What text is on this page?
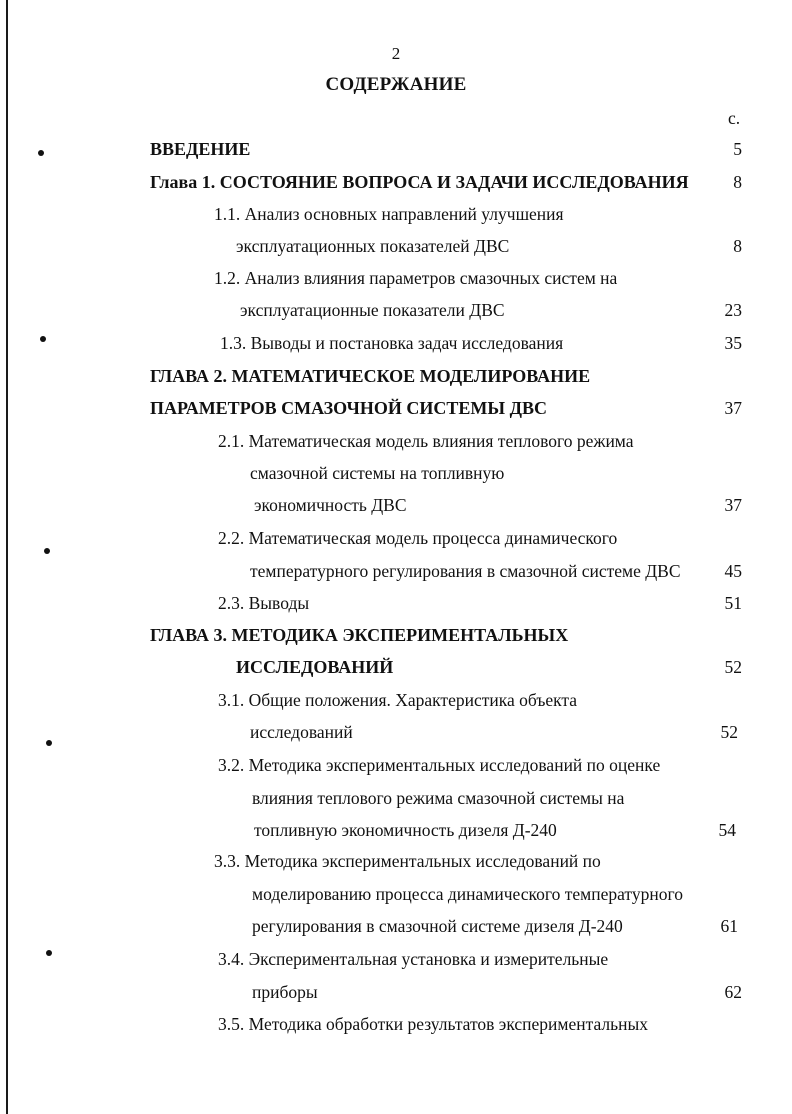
2
СОДЕРЖАНИЕ
с.
ВВЕДЕНИЕ	5
Глава 1. СОСТОЯНИЕ ВОПРОСА И ЗАДАЧИ ИССЛЕДОВАНИЯ	8
1.1. Анализ основных направлений улучшения
эксплуатационных показателей ДВС	8
1.2. Анализ влияния параметров смазочных систем на
эксплуатационные показатели ДВС	23
1.3. Выводы и постановка задач исследования	35
ГЛАВА 2. МАТЕМАТИЧЕСКОЕ МОДЕЛИРОВАНИЕ
ПАРАМЕТРОВ СМАЗОЧНОЙ СИСТЕМЫ ДВС	37
2.1. Математическая модель влияния теплового режима
смазочной системы на топливную
экономичность ДВС	37
2.2. Математическая модель процесса динамического
температурного регулирования в смазочной системе ДВС	45
2.3. Выводы	51
ГЛАВА 3. МЕТОДИКА ЭКСПЕРИМЕНТАЛЬНЫХ
ИССЛЕДОВАНИЙ	52
3.1. Общие положения. Характеристика объекта
исследований	52
3.2. Методика экспериментальных исследований по оценке
влияния теплового режима смазочной системы на
топливную экономичность дизеля Д-240	54
3.3. Методика экспериментальных исследований по
моделированию процесса динамического температурного
регулирования в смазочной системе дизеля Д-240	61
3.4. Экспериментальная установка и измерительные
приборы	62
3.5. Методика обработки результатов экспериментальных
